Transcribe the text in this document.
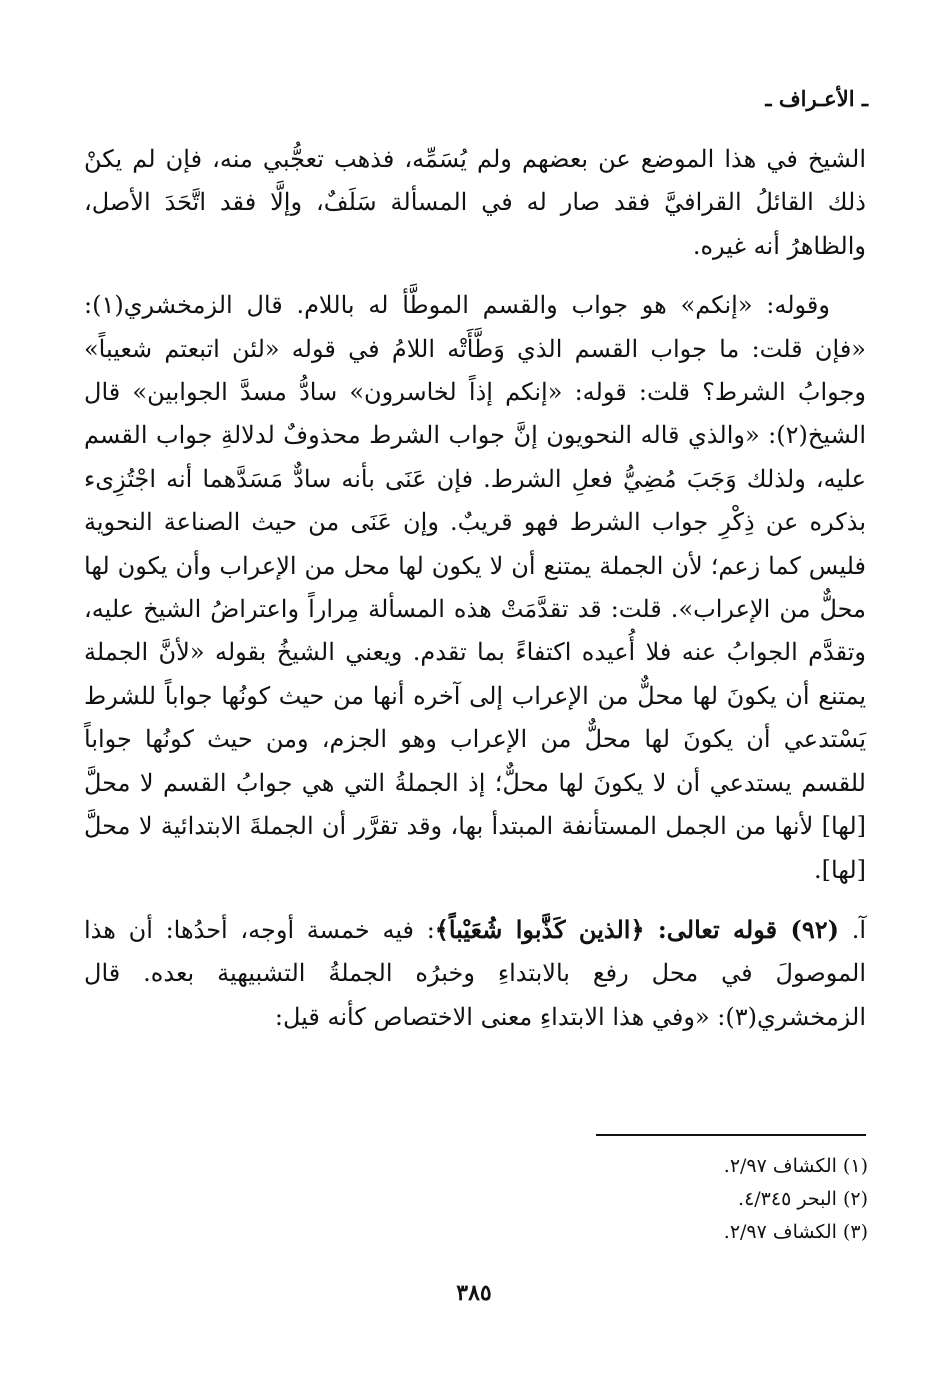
ـ الأعـراف ـ

الشيخ في هذا الموضع عن بعضهم ولم يُسَمِّه، فذهب تعجُّبي منه، فإن لم يكنْ ذلك القائلُ القرافيَّ فقد صار له في المسألة سَلَفٌ، وإلَّا فقد اتَّحَدَ الأصل، والظاهرُ أنه غيره.

وقوله: «إنكم» هو جواب والقسم الموطَّأ له باللام. قال الزمخشري(١): «فإن قلت: ما جواب القسم الذي وَطَّأَتْه اللامُ في قوله «لئن اتبعتم شعيباً» وجوابُ الشرط؟ قلت: قوله: «إنكم إذاً لخاسرون» سادُّ مسدَّ الجوابين» قال الشيخ(٢): «والذي قاله النحويون إنَّ جواب الشرط محذوفٌ لدلالةِ جواب القسم عليه، ولذلك وَجَبَ مُضِيُّ فعلِ الشرط. فإن عَنَى بأنه سادٌّ مَسَدَّهما أنه اجْتُزِىء بذكره عن ذِكْرِ جواب الشرط فهو قريبٌ. وإن عَنَى من حيث الصناعة النحوية فليس كما زعم؛ لأن الجملة يمتنع أن لا يكون لها محل من الإعراب وأن يكون لها محلٌّ من الإعراب». قلت: قد تقدَّمَتْ هذه المسألة مِراراً واعتراضُ الشيخ عليه، وتقدَّم الجوابُ عنه فلا أُعيده اكتفاءً بما تقدم. ويعني الشيخُ بقوله «لأنَّ الجملة يمتنع أن يكونَ لها محلٌّ من الإعراب إلى آخره أنها من حيث كونُها جواباً للشرط يَسْتدعي أن يكونَ لها محلٌّ من الإعراب وهو الجزم، ومن حيث كونُها جواباً للقسم يستدعي أن لا يكونَ لها محلٌّ؛ إذ الجملةُ التي هي جوابُ القسم لا محلَّ [لها] لأنها من الجمل المستأنفة المبتدأ بها، وقد تقرَّر أن الجملةَ الابتدائية لا محلَّ [لها].

آ. (٩٢) قوله تعالى: ﴿الذين كَذَّبوا شُعَيْباً﴾: فيه خمسة أوجه، أحدُها: أن هذا الموصولَ في محل رفع بالابتداءِ وخبرُه الجملةُ التشبيهية بعده. قال الزمخشري(٣): «وفي هذا الابتداءِ معنى الاختصاص كأنه قيل:

(١) الكشاف ٢/٩٧.
(٢) البحر ٤/٣٤٥.
(٣) الكشاف ٢/٩٧.
٣٨٥
